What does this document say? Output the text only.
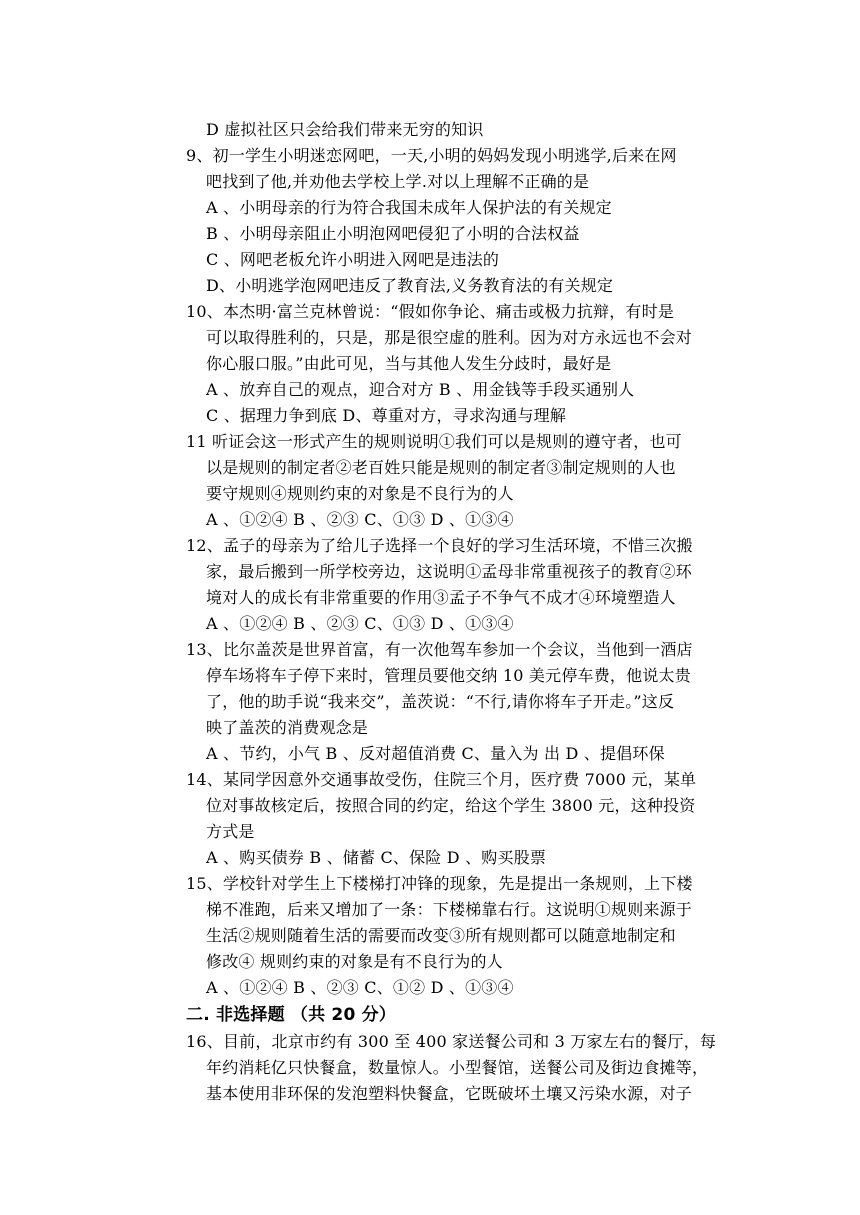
D 虚拟社区只会给我们带来无穷的知识
9、初一学生小明迷恋网吧，一天,小明的妈妈发现小明逃学,后来在网
吧找到了他,并劝他去学校上学.对以上理解不正确的是
A 、小明母亲的行为符合我国未成年人保护法的有关规定
B 、小明母亲阻止小明泡网吧侵犯了小明的合法权益
C 、网吧老板允许小明进入网吧是违法的
D、小明逃学泡网吧违反了教育法,义务教育法的有关规定
10、本杰明·富兰克林曾说：“假如你争论、痛击或极力抗辩，有时是
可以取得胜利的，只是，那是很空虚的胜利。因为对方永远也不会对
你心服口服。”由此可见，当与其他人发生分歧时，最好是
A 、放弃自己的观点，迎合对方 B 、用金钱等手段买通别人
C 、据理力争到底 D、尊重对方，寻求沟通与理解
11 听证会这一形式产生的规则说明①我们可以是规则的遵守者，也可
以是规则的制定者②老百姓只能是规则的制定者③制定规则的人也
要守规则④规则约束的对象是不良行为的人
A 、①②④ B 、②③ C、①③ D 、①③④
12、孟子的母亲为了给儿子选择一个良好的学习生活环境，不惜三次搬
家，最后搬到一所学校旁边，这说明①孟母非常重视孩子的教育②环
境对人的成长有非常重要的作用③孟子不争气不成才④环境塑造人
A 、①②④ B 、②③ C、①③ D 、①③④
13、比尔盖茨是世界首富，有一次他驾车参加一个会议，当他到一酒店
停车场将车子停下来时，管理员要他交纳 10 美元停车费，他说太贵
了，他的助手说“我来交”，盖茨说：“不行,请你将车子开走。”这反
映了盖茨的消费观念是
A 、节约，小气 B 、反对超值消费 C、量入为 出 D 、提倡环保
14、某同学因意外交通事故受伤，住院三个月，医疗费 7000 元，某单
位对事故核定后，按照合同的约定，给这个学生 3800 元，这种投资
方式是
A 、购买债券 B 、储蓄 C、保险 D 、购买股票
15、学校针对学生上下楼梯打冲锋的现象，先是提出一条规则，上下楼
梯不准跑，后来又增加了一条：下楼梯靠右行。这说明①规则来源于
生活②规则随着生活的需要而改变③所有规则都可以随意地制定和
修改④ 规则约束的对象是有不良行为的人
A 、①②④ B 、②③ C、①② D 、①③④
二. 非选择题 （共 20 分）
16、目前，北京市约有 300 至 400 家送餐公司和 3 万家左右的餐厅，每
年约消耗亿只快餐盒，数量惊人。小型餐馆，送餐公司及街边食摊等，
基本使用非环保的发泡塑料快餐盒，它既破坏土壤又污染水源，对子
